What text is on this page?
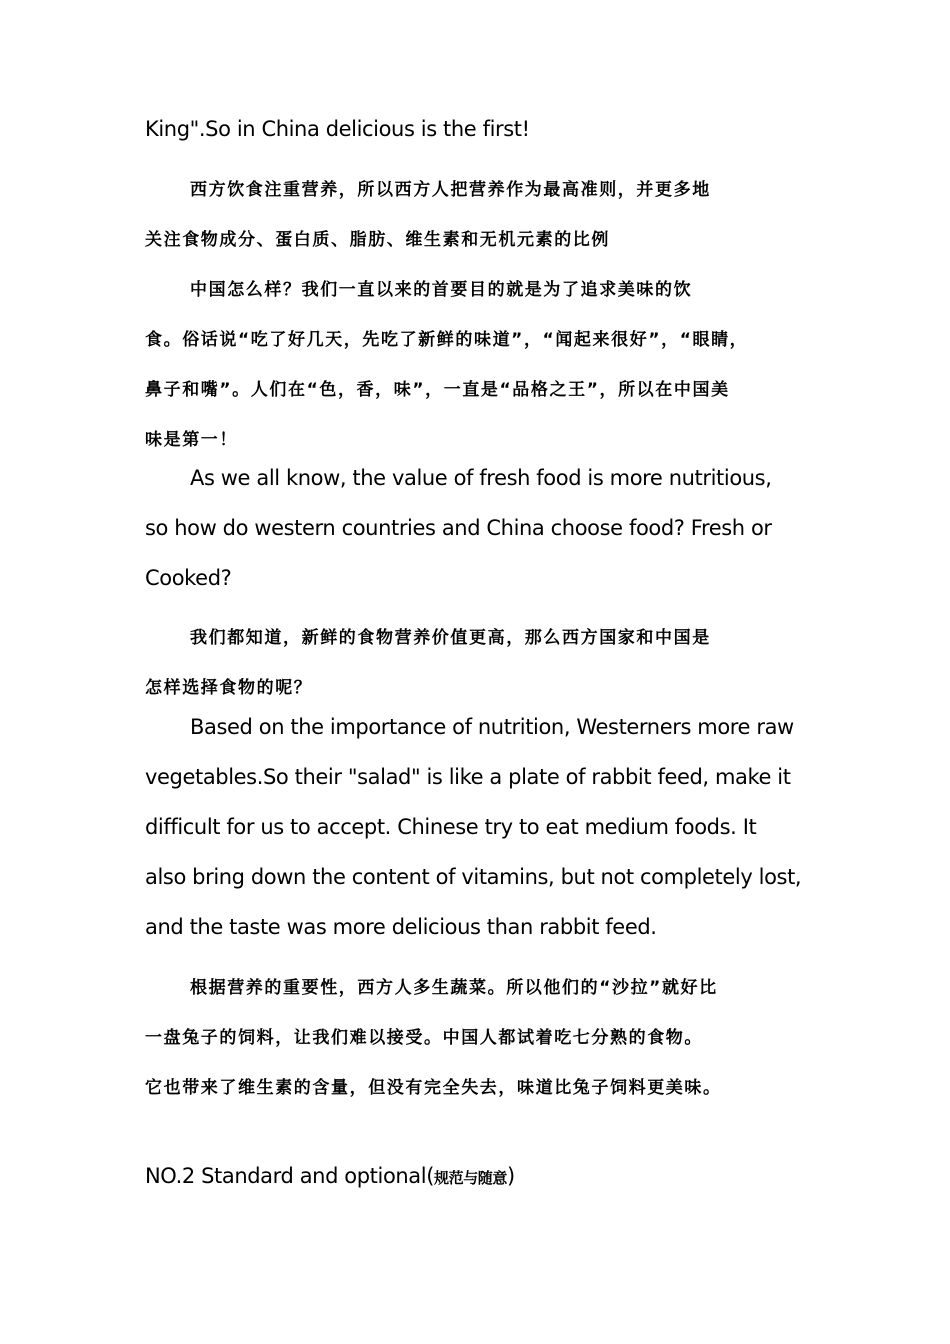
King".So in China delicious is the first!
西方饮食注重营养，所以西方人把营养作为最高准则，并更多地
关注食物成分、蛋白质、脂肪、维生素和无机元素的比例
中国怎么样？我们一直以来的首要目的就是为了追求美味的饮
食。俗话说“吃了好几天，先吃了新鲜的味道”，“闻起来很好”，“眼睛，
鼻子和嘴”。人们在“色，香，味”，一直是“品格之王”，所以在中国美
味是第一！
As we all know, the value of fresh food is more nutritious,
so how do western countries and China choose food? Fresh or
Cooked?
我们都知道，新鲜的食物营养价值更高，那么西方国家和中国是
怎样选择食物的呢？
Based on the importance of nutrition, Westerners more raw
vegetables.So their "salad" is like a plate of rabbit feed, make it
difficult for us to accept. Chinese try to eat medium foods. It
also bring down the content of vitamins, but not completely lost,
and the taste was more delicious than rabbit feed.
根据营养的重要性，西方人多生蔬菜。所以他们的“沙拉”就好比
一盘兔子的饲料，让我们难以接受。中国人都试着吃七分熟的食物。
它也带来了维生素的含量，但没有完全失去，味道比兔子饲料更美味。
NO.2 Standard and optional(规范与随意)
